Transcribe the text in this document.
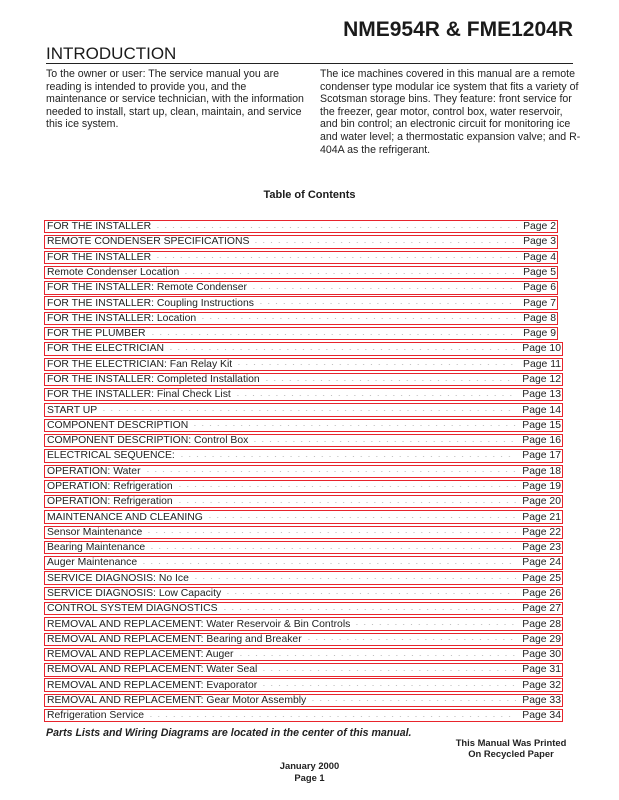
NME954R & FME1204R
INTRODUCTION
To the owner or user: The service manual you are reading is intended to provide you, and the maintenance or service technician, with the information needed to install, start up, clean, maintain, and service this ice system.
The ice machines covered in this manual are a remote condenser type modular ice system that fits a variety of Scotsman storage bins. They feature: front service for the freezer, gear motor, control box, water reservoir, and bin control; an electronic circuit for monitoring ice and water level; a thermostatic expansion valve; and R-404A as the refrigerant.
Table of Contents
FOR THE INSTALLER	Page 2
REMOTE CONDENSER SPECIFICATIONS	Page 3
FOR THE INSTALLER	Page 4
Remote Condenser Location	Page 5
FOR THE INSTALLER: Remote Condenser	Page 6
FOR THE INSTALLER: Coupling Instructions	Page 7
FOR THE INSTALLER: Location	Page 8
FOR THE PLUMBER	Page 9
FOR THE ELECTRICIAN	Page 10
FOR THE ELECTRICIAN: Fan Relay Kit	Page 11
FOR THE INSTALLER: Completed Installation	Page 12
FOR THE INSTALLER: Final Check List	Page 13
START UP	Page 14
COMPONENT DESCRIPTION	Page 15
COMPONENT DESCRIPTION: Control Box	Page 16
ELECTRICAL SEQUENCE:	Page 17
OPERATION: Water	Page 18
OPERATION: Refrigeration	Page 19
OPERATION: Refrigeration	Page 20
MAINTENANCE AND CLEANING	Page 21
Sensor Maintenance	Page 22
Bearing Maintenance	Page 23
Auger Maintenance	Page 24
SERVICE DIAGNOSIS: No Ice	Page 25
SERVICE DIAGNOSIS: Low Capacity	Page 26
CONTROL SYSTEM DIAGNOSTICS	Page 27
REMOVAL AND REPLACEMENT: Water Reservoir & Bin Controls	Page 28
REMOVAL AND REPLACEMENT: Bearing and Breaker	Page 29
REMOVAL AND REPLACEMENT: Auger	Page 30
REMOVAL AND REPLACEMENT: Water Seal	Page 31
REMOVAL AND REPLACEMENT: Evaporator	Page 32
REMOVAL AND REPLACEMENT: Gear Motor Assembly	Page 33
Refrigeration Service	Page 34
Parts Lists and Wiring Diagrams are located in the center of this manual.
This Manual Was Printed
On Recycled Paper
January 2000
Page 1
